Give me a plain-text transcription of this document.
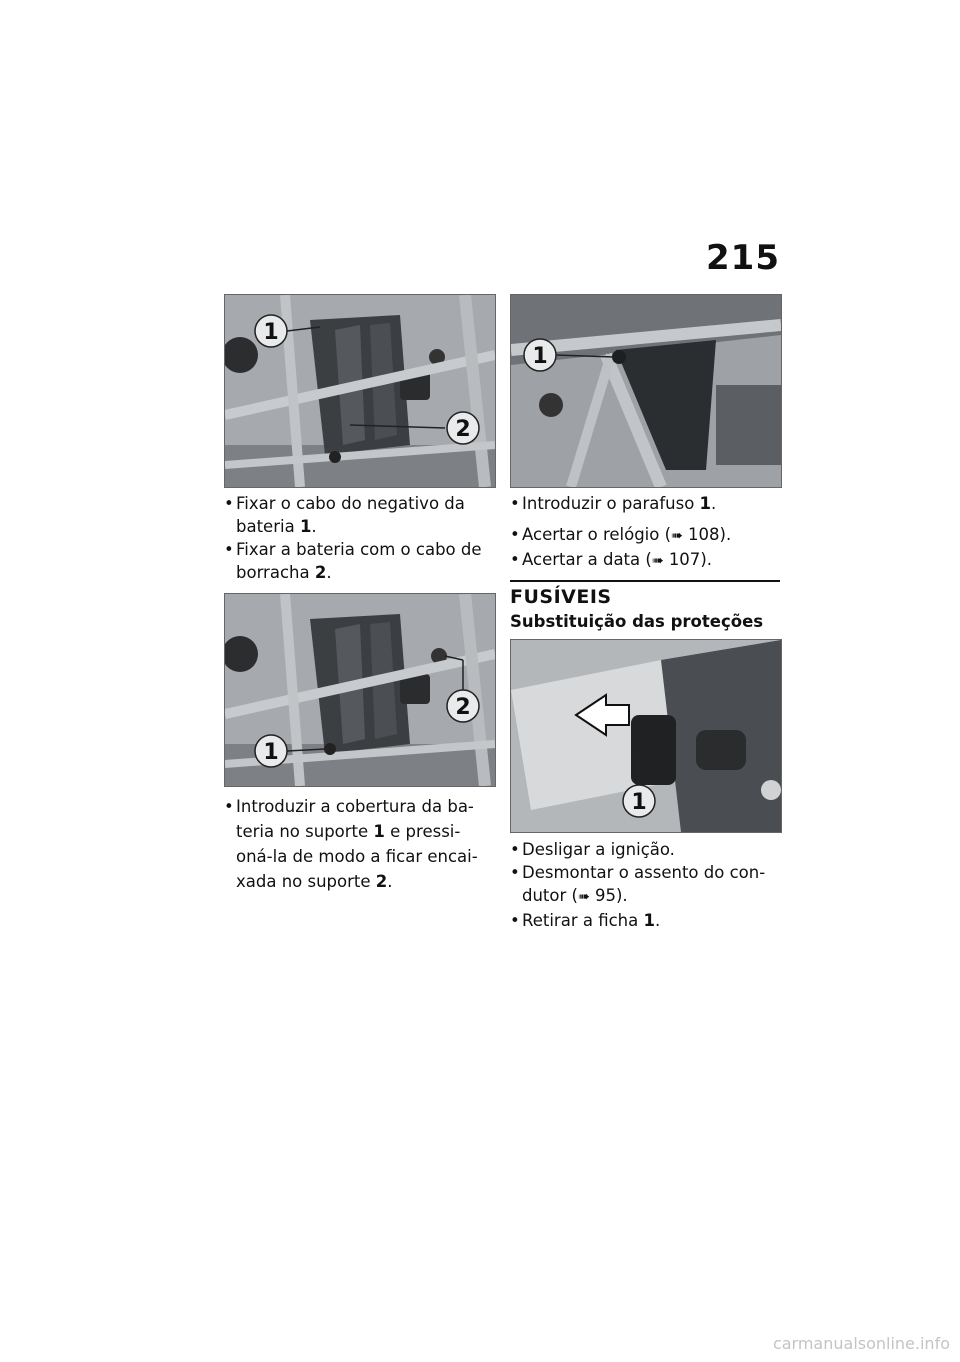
215
1
2
1
2
1
1
• Fixar o cabo do negativo da
bateria 1.
• Fixar a bateria com o cabo de
borracha 2.
• Introduzir a cobertura da ba-
teria no suporte 1 e pressi-
oná-la de modo a ficar encai-
xada no suporte 2.
• Introduzir o parafuso 1.
• Acertar o relógio (➠ 108).
• Acertar a data (➠ 107).
FUSÍVEIS
Substituição das proteções
• Desligar a ignição.
• Desmontar o assento do con-
dutor (➠ 95).
• Retirar a ficha 1.
carmanualsonline.info
